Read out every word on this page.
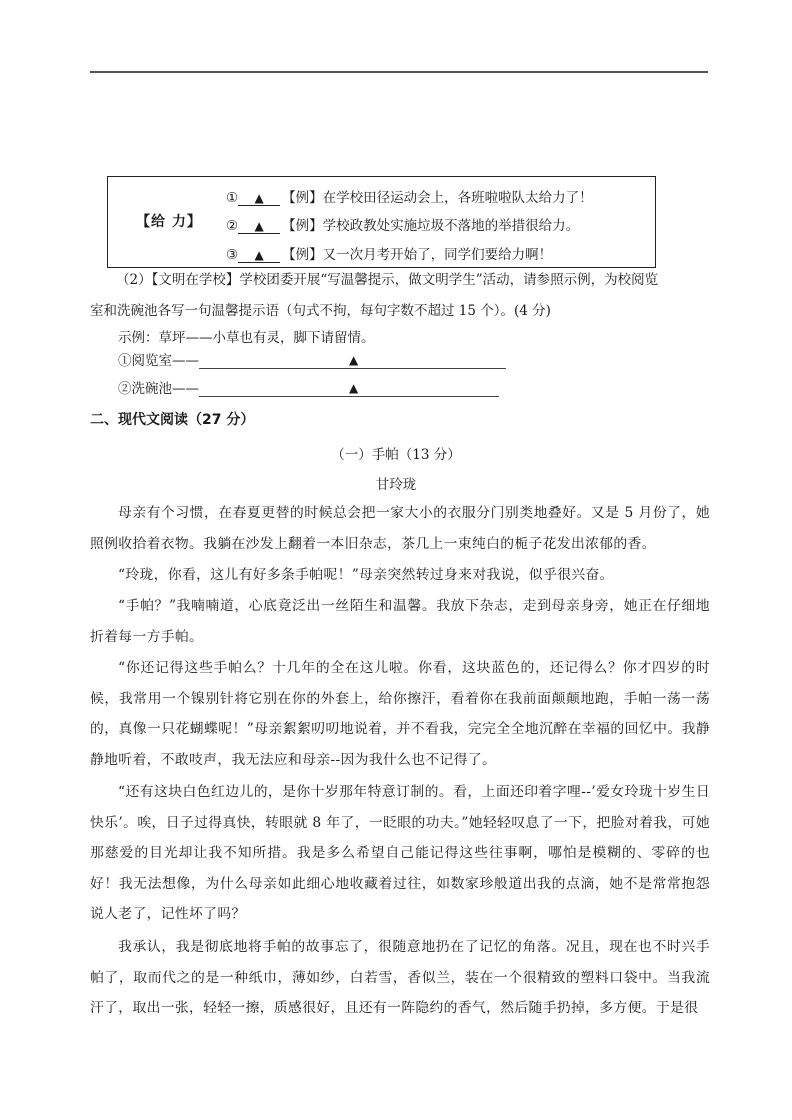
【给 力】
① ▲ 【例】在学校田径运动会上，各班啦啦队太给力了！
② ▲ 【例】学校政教处实施垃圾不落地的举措很给力。
③ ▲ 【例】又一次月考开始了，同学们要给力啊！
（2）【文明在学校】学校团委开展“写温馨提示，做文明学生”活动，请参照示例，为校阅览
室和洗碗池各写一句温馨提示语（句式不拘，每句字数不超过 15 个）。(4 分)
示例：草坪——小草也有灵，脚下请留情。
①阅览室——	▲
②洗碗池——	▲
二、现代文阅读（27 分）
（一）手帕（13 分）
甘玲珑
母亲有个习惯，在春夏更替的时候总会把一家大小的衣服分门别类地叠好。又是 5 月份了，她照例收拾着衣物。我躺在沙发上翻着一本旧杂志，茶几上一束纯白的栀子花发出浓郁的香。
“玲珑，你看，这儿有好多条手帕呢！”母亲突然转过身来对我说，似乎很兴奋。
“手帕？”我喃喃道，心底竟泛出一丝陌生和温馨。我放下杂志，走到母亲身旁，她正在仔细地折着每一方手帕。
“你还记得这些手帕么？十几年的全在这儿啦。你看，这块蓝色的，还记得么？你才四岁的时候，我常用一个镍别针将它别在你的外套上，给你擦汗，看着你在我前面颠颠地跑，手帕一荡一荡的，真像一只花蝴蝶呢！”母亲絮絮叨叨地说着，并不看我，完完全全地沉醉在幸福的回忆中。我静静地听着，不敢吱声，我无法应和母亲--因为我什么也不记得了。
“还有这块白色红边儿的，是你十岁那年特意订制的。看，上面还印着字哩--’爱女玲珑十岁生日快乐’。唉，日子过得真快，转眼就 8 年了，一眨眼的功夫。”她轻轻叹息了一下，把脸对着我，可她那慈爱的目光却让我不知所措。我是多么希望自己能记得这些往事啊，哪怕是模糊的、零碎的也好！我无法想像，为什么母亲如此细心地收藏着过往，如数家珍般道出我的点滴，她不是常常抱怨说人老了，记性坏了吗？
我承认，我是彻底地将手帕的故事忘了，很随意地扔在了记忆的角落。况且，现在也不时兴手帕了，取而代之的是一种纸巾，薄如纱，白若雪，香似兰，装在一个很精致的塑料口袋中。当我流汗了，取出一张，轻轻一擦，质感很好，且还有一阵隐约的香气，然后随手扔掉，多方便。于是很
